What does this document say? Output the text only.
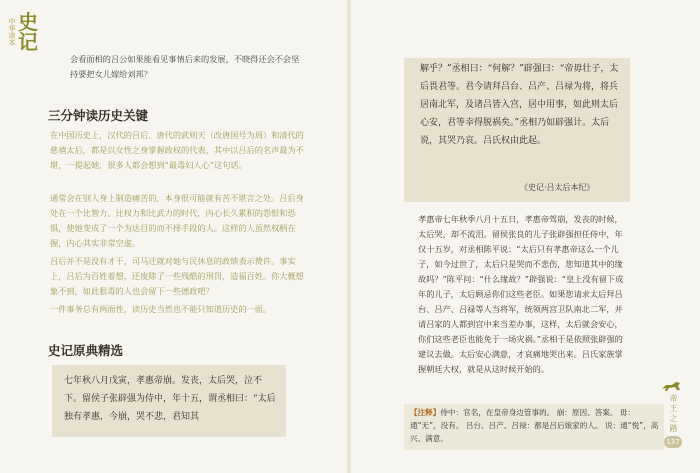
中华读本 史记

会看面相的吕公如果能看见事情后来的发展，不晓得还会不会坚持要把女儿嫁给刘邦？

三分钟读历史关键

在中国历史上，汉代的吕后、唐代的武则天（改唐国号为周）和清代的慈禧太后，都是以女性之身掌握政权的代表，其中以吕后的名声最为不堪，一提起她，很多人都会想到“最毒妇人心”这句话。

通常会在别人身上制造痛苦的，本身很可能就有苦不堪言之处。吕后身处在一个比智力、比权力和比武力的时代，内心长久累积的怨恨和恐惧，使她变成了一个为达目的而不择手段的人。这样的人虽然权柄在握，内心其实非常空虚。

吕后并不是没有才干，司马迁就对她与民休息的政绩表示赞许。事实上，吕后为百姓着想，还废除了一些残酷的刑罚，造福百姓。你大概想象不到，如此狠毒的人也会留下一些德政吧？

一件事务总有两面性，读历史当然也不能只知道历史的一面。

史记原典精选

七年秋八月戊寅，孝惠帝崩。发丧，太后哭，泣不下。留侯子张辟强为侍中，年十五，谓丞相曰：“太后独有孝惠，今崩，哭不悲，君知其

解乎？”丞相曰：“何解？”辟强曰：“帝毋壮子，太后畏君等。君今请拜吕台、吕产、吕禄为将，将兵居南北军，及诸吕皆入宫，居中用事，如此则太后心安，君等幸得脱祸矣。”丞相乃如辟强计。太后说，其哭乃哀。吕氏权由此起。

《史记·吕太后本纪》

孝惠帝七年秋季八月十五日，孝惠帝驾崩，发丧的时候，太后哭，却不流泪。留侯张良的儿子张辟强担任侍中，年仅十五岁，对丞相陈平说：“太后只有孝惠帝这么一个儿子，如今过世了，太后只是哭而不悲伤，您知道其中的缘故吗？”陈平问：“什么缘故？”辟强说：“皇上没有留下成年的儿子，太后顾忌你们这些老臣。如果您请求太后拜吕台、吕产、吕禄等人当将军，统领两宫卫队南北二军，并请吕家的人都到宫中来当差办事，这样，太后就会安心，你们这些老臣也能免于一场灾祸。”丞相于是依照张辟强的建议去做。太后安心满意，才哀痛地哭出来。吕氏家族掌握朝廷大权，就是从这时候开始的。

【注释】侍中：官名，在皇帝身边管事的。 崩：原因、答案。 毋：通“无”，没有。 吕台、吕产、吕禄：都是吕后娘家的人。 说：通“悦”，高兴、满意。

帝王之路
137
